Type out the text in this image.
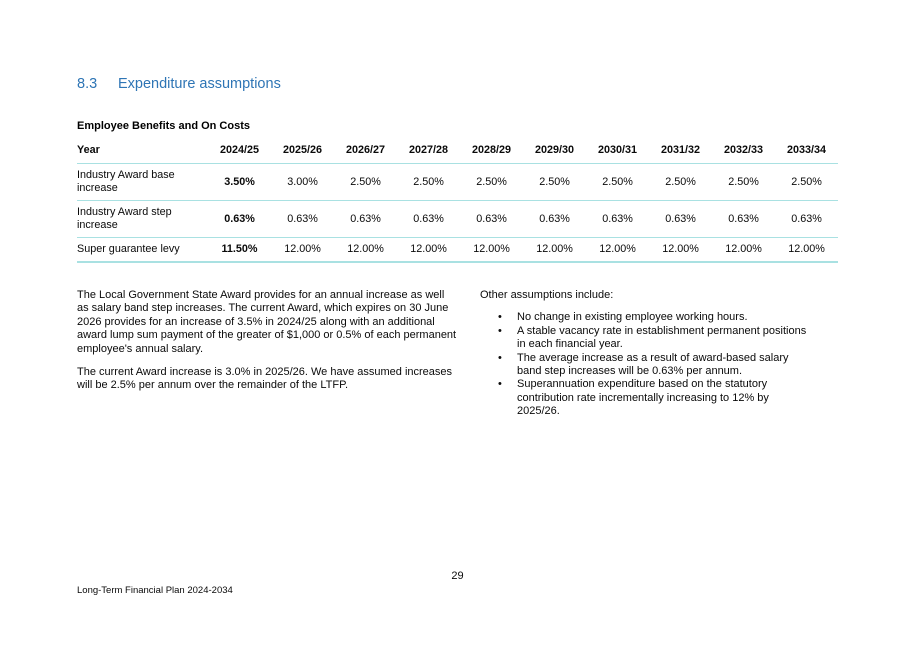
8.3	Expenditure assumptions

Employee Benefits and On Costs

Year	2024/25	2025/26	2026/27	2027/28	2028/29	2029/30	2030/31	2031/32	2032/33	2033/34
Industry Award base increase	3.50%	3.00%	2.50%	2.50%	2.50%	2.50%	2.50%	2.50%	2.50%	2.50%
Industry Award step increase	0.63%	0.63%	0.63%	0.63%	0.63%	0.63%	0.63%	0.63%	0.63%	0.63%
Super guarantee levy	11.50%	12.00%	12.00%	12.00%	12.00%	12.00%	12.00%	12.00%	12.00%	12.00%

The Local Government State Award provides for an annual increase as well as salary band step increases. The current Award, which expires on 30 June 2026 provides for an increase of 3.5% in 2024/25 along with an additional award lump sum payment of the greater of $1,000 or 0.5% of each permanent employee's annual salary.

The current Award increase is 3.0% in 2025/26. We have assumed increases will be 2.5% per annum over the remainder of the LTFP.

Other assumptions include:

•	No change in existing employee working hours.
•	A stable vacancy rate in establishment permanent positions in each financial year.
•	The average increase as a result of award-based salary band step increases will be 0.63% per annum.
•	Superannuation expenditure based on the statutory contribution rate incrementally increasing to 12% by 2025/26.
29
Long-Term Financial Plan 2024-2034
